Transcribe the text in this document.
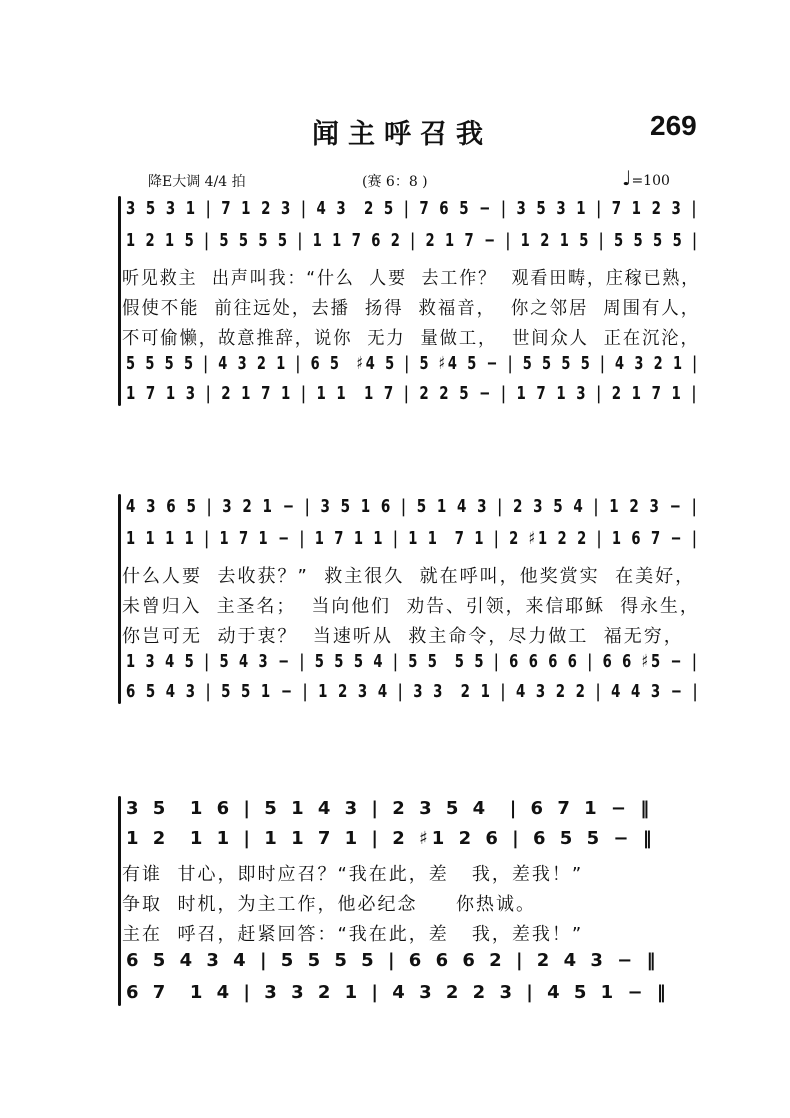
闻主呼召我	269
降E大调 4/4 拍	(赛 6：8 )	♩=100
3 5 3 1 | 7 1 2 3 | 4 3  2 5 | 7 6 5 − | 3 5 3 1 | 7 1 2 3 |
1 2 1 5 | 5 5 5 5 | 1 1 7 6 2 | 2 1 7 − | 1 2 1 5 | 5 5 5 5 |
听见救主  出声叫我：“什么  人要  去工作？  观看田畴，庄稼已熟，
假使不能  前往远处，去播  扬得  救福音，  你之邻居  周围有人，
不可偷懒，故意推辞，说你  无力  量做工，  世间众人  正在沉沦，
5 5 5 5 | 4 3 2 1 | 6 5  ♯4 5 | 5 ♯4 5 − | 5 5 5 5 | 4 3 2 1 |
1 7 1 3 | 2 1 7 1 | 1 1  1 7 | 2 2 5 − | 1 7 1 3 | 2 1 7 1 |
4 3 6 5 | 3 2 1 − | 3 5 1 6 | 5 1 4 3 | 2 3 5 4 | 1 2 3 − |
1 1 1 1 | 1 7 1 − | 1 7 1 1 | 1 1  7 1 | 2 ♯1 2 2 | 1 6 7 − |
什么人要  去收获？”  救主很久  就在呼叫，他奖赏实  在美好，
未曾归入  主圣名；  当向他们  劝告、引领，来信耶稣  得永生，
你岂可无  动于衷？  当速听从  救主命令，尽力做工  福无穷，
1 3 4 5 | 5 4 3 − | 5 5 5 4 | 5 5  5 5 | 6 6 6 6 | 6 6 ♯5 − |
6 5 4 3 | 5 5 1 − | 1 2 3 4 | 3 3  2 1 | 4 3 2 2 | 4 4 3 − |
3 5  1 6 | 5 1 4 3 | 2 3 5 4  | 6 7 1 − ‖
1 2  1 1 | 1 1 7 1 | 2 ♯1 2 6 | 6 5 5 − ‖
有谁  甘心，即时应召？“我在此，差   我，差我！”
争取  时机，为主工作，他必纪念     你热诚。
主在  呼召，赶紧回答：“我在此，差   我，差我！”
6 5 4 3 4 | 5 5 5 5 | 6 6 6 2 | 2 4 3 − ‖
6 7  1 4 | 3 3 2 1 | 4 3 2 2 3 | 4 5 1 − ‖
